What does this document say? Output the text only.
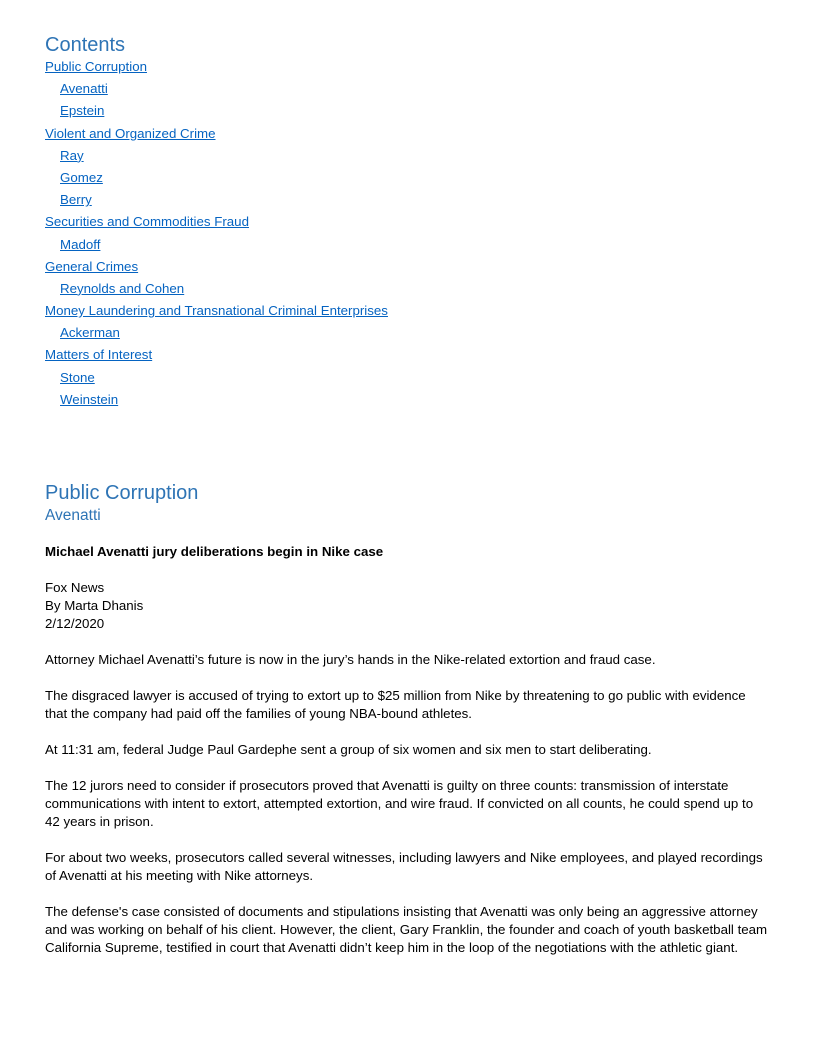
Contents
Public Corruption
Avenatti
Epstein
Violent and Organized Crime
Ray
Gomez
Berry
Securities and Commodities Fraud
Madoff
General Crimes
Reynolds and Cohen
Money Laundering and Transnational Criminal Enterprises
Ackerman
Matters of Interest
Stone
Weinstein
Public Corruption
Avenatti

Michael Avenatti jury deliberations begin in Nike case

Fox News
By Marta Dhanis
2/12/2020

Attorney Michael Avenatti’s future is now in the jury’s hands in the Nike-related extortion and fraud case.

The disgraced lawyer is accused of trying to extort up to $25 million from Nike by threatening to go public with evidence that the company had paid off the families of young NBA-bound athletes.

At 11:31 am, federal Judge Paul Gardephe sent a group of six women and six men to start deliberating.

The 12 jurors need to consider if prosecutors proved that Avenatti is guilty on three counts: transmission of interstate communications with intent to extort, attempted extortion, and wire fraud. If convicted on all counts, he could spend up to 42 years in prison.

For about two weeks, prosecutors called several witnesses, including lawyers and Nike employees, and played recordings of Avenatti at his meeting with Nike attorneys.

The defense's case consisted of documents and stipulations insisting that Avenatti was only being an aggressive attorney and was working on behalf of his client. However, the client, Gary Franklin, the founder and coach of youth basketball team California Supreme, testified in court that Avenatti didn’t keep him in the loop of the negotiations with the athletic giant.
